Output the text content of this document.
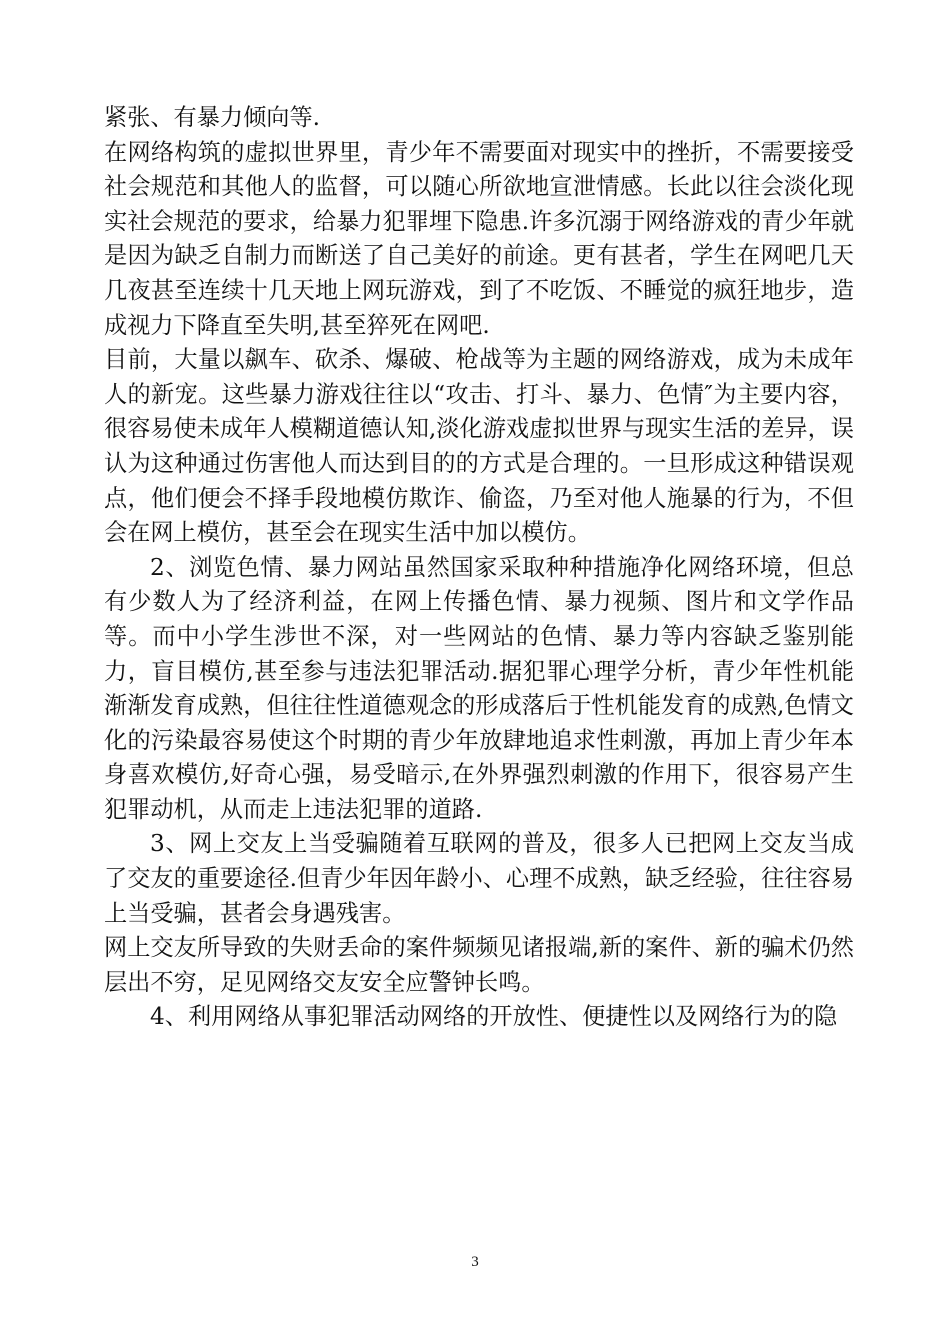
紧张、有暴力倾向等.

在网络构筑的虚拟世界里，青少年不需要面对现实中的挫折，不需要接受社会规范和其他人的监督，可以随心所欲地宣泄情感。长此以往会淡化现实社会规范的要求，给暴力犯罪埋下隐患.许多沉溺于网络游戏的青少年就是因为缺乏自制力而断送了自己美好的前途。更有甚者，学生在网吧几天几夜甚至连续十几天地上网玩游戏，到了不吃饭、不睡觉的疯狂地步，造成视力下降直至失明,甚至猝死在网吧.

目前，大量以飙车、砍杀、爆破、枪战等为主题的网络游戏，成为未成年人的新宠。这些暴力游戏往往以“攻击、打斗、暴力、色情″为主要内容，很容易使未成年人模糊道德认知,淡化游戏虚拟世界与现实生活的差异，误认为这种通过伤害他人而达到目的的方式是合理的。一旦形成这种错误观点，他们便会不择手段地模仿欺诈、偷盗，乃至对他人施暴的行为，不但会在网上模仿，甚至会在现实生活中加以模仿。

2、浏览色情、暴力网站虽然国家采取种种措施净化网络环境，但总有少数人为了经济利益，在网上传播色情、暴力视频、图片和文学作品等。而中小学生涉世不深，对一些网站的色情、暴力等内容缺乏鉴别能力，盲目模仿,甚至参与违法犯罪活动.据犯罪心理学分析，青少年性机能渐渐发育成熟，但往往性道德观念的形成落后于性机能发育的成熟,色情文化的污染最容易使这个时期的青少年放肆地追求性刺激，再加上青少年本身喜欢模仿,好奇心强，易受暗示,在外界强烈刺激的作用下，很容易产生犯罪动机，从而走上违法犯罪的道路.

3、网上交友上当受骗随着互联网的普及，很多人已把网上交友当成了交友的重要途径.但青少年因年龄小、心理不成熟，缺乏经验，往往容易上当受骗，甚者会身遇残害。

网上交友所导致的失财丢命的案件频频见诸报端,新的案件、新的骗术仍然层出不穷，足见网络交友安全应警钟长鸣。

4、利用网络从事犯罪活动网络的开放性、便捷性以及网络行为的隐

3
